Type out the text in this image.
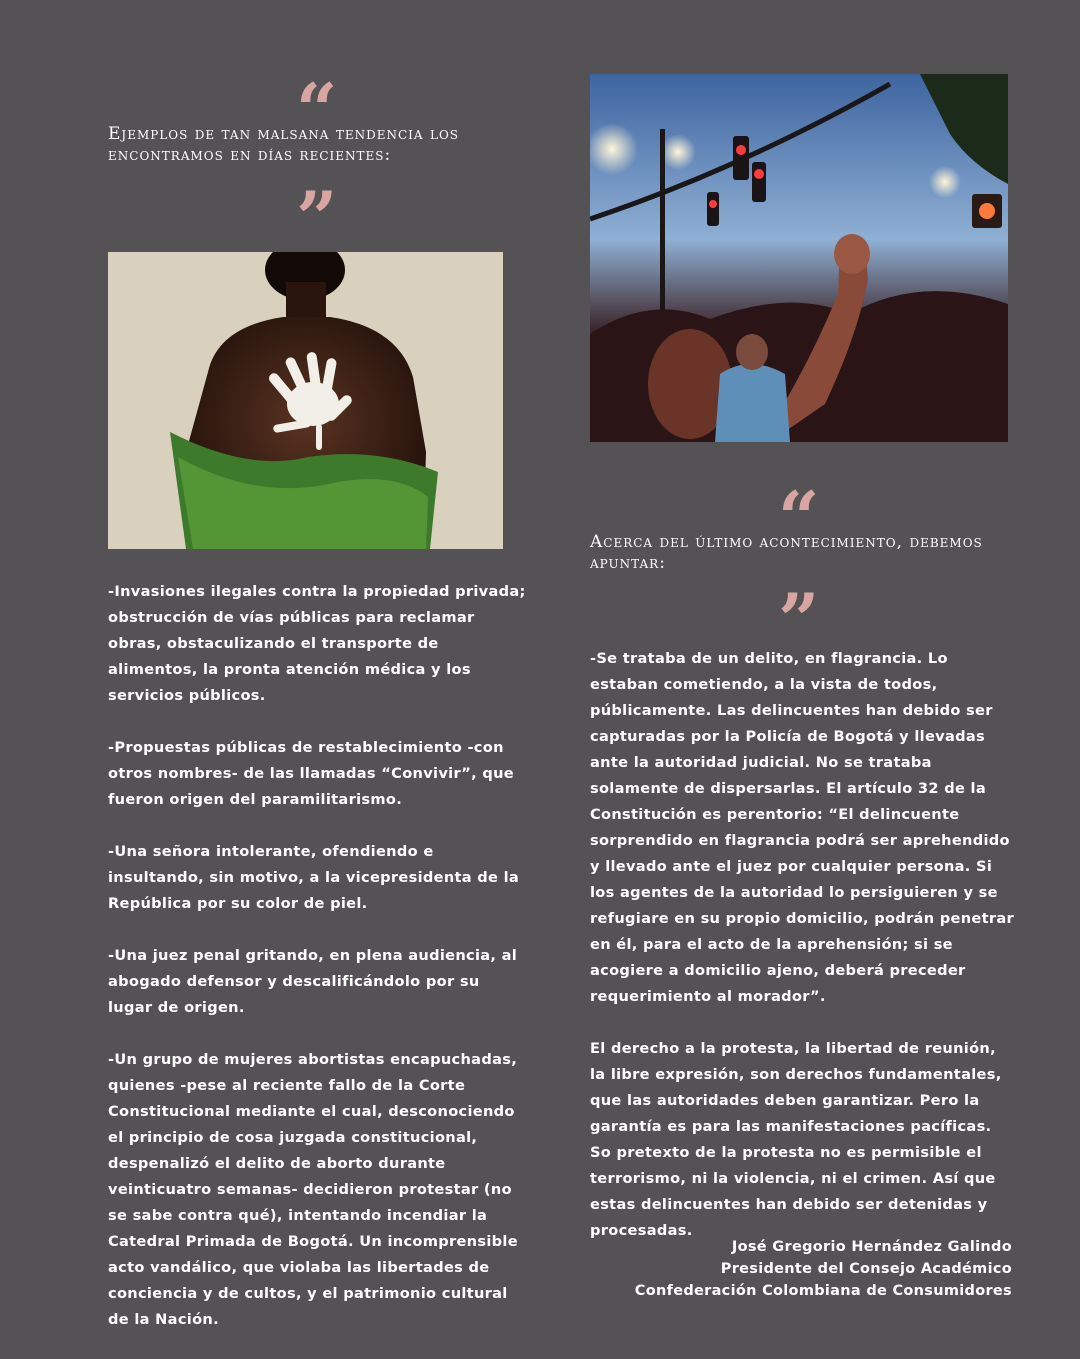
“
Ejemplos de tan malsana tendencia los encontramos en días recientes:
”

-Invasiones ilegales contra la propiedad privada; obstrucción de vías públicas para reclamar obras, obstaculizando el transporte de alimentos, la pronta atención médica y los servicios públicos.

-Propuestas públicas de restablecimiento -con otros nombres- de las llamadas “Convivir”, que fueron origen del paramilitarismo.

-Una señora intolerante, ofendiendo e insultando, sin motivo, a la vicepresidenta de la República por su color de piel.

-Una juez penal gritando, en plena audiencia, al abogado defensor y descalificándolo por su lugar de origen.

-Un grupo de mujeres abortistas encapuchadas, quienes -pese al reciente fallo de la Corte Constitucional mediante el cual, desconociendo el principio de cosa juzgada constitucional, despenalizó el delito de aborto durante veinticuatro semanas- decidieron protestar (no se sabe contra qué), intentando incendiar la Catedral Primada de Bogotá. Un incomprensible acto vandálico, que violaba las libertades de conciencia y de cultos, y el patrimonio cultural de la Nación.

“
Acerca del último acontecimiento, debemos apuntar:
”

-Se trataba de un delito, en flagrancia. Lo estaban cometiendo, a la vista de todos, públicamente. Las delincuentes han debido ser capturadas por la Policía de Bogotá y llevadas ante la autoridad judicial. No se trataba solamente de dispersarlas. El artículo 32 de la Constitución es perentorio: “El delincuente sorprendido en flagrancia podrá ser aprehendido y llevado ante el juez por cualquier persona. Si los agentes de la autoridad lo persiguieren y se refugiare en su propio domicilio, podrán penetrar en él, para el acto de la aprehensión; si se acogiere a domicilio ajeno, deberá preceder requerimiento al morador”.

El derecho a la protesta, la libertad de reunión, la libre expresión, son derechos fundamentales, que las autoridades deben garantizar. Pero la garantía es para las manifestaciones pacíficas. So pretexto de la protesta no es permisible el terrorismo, ni la violencia, ni el crimen. Así que estas delincuentes han debido ser detenidas y procesadas.

José Gregorio Hernández Galindo
Presidente del Consejo Académico
Confederación Colombiana de Consumidores
